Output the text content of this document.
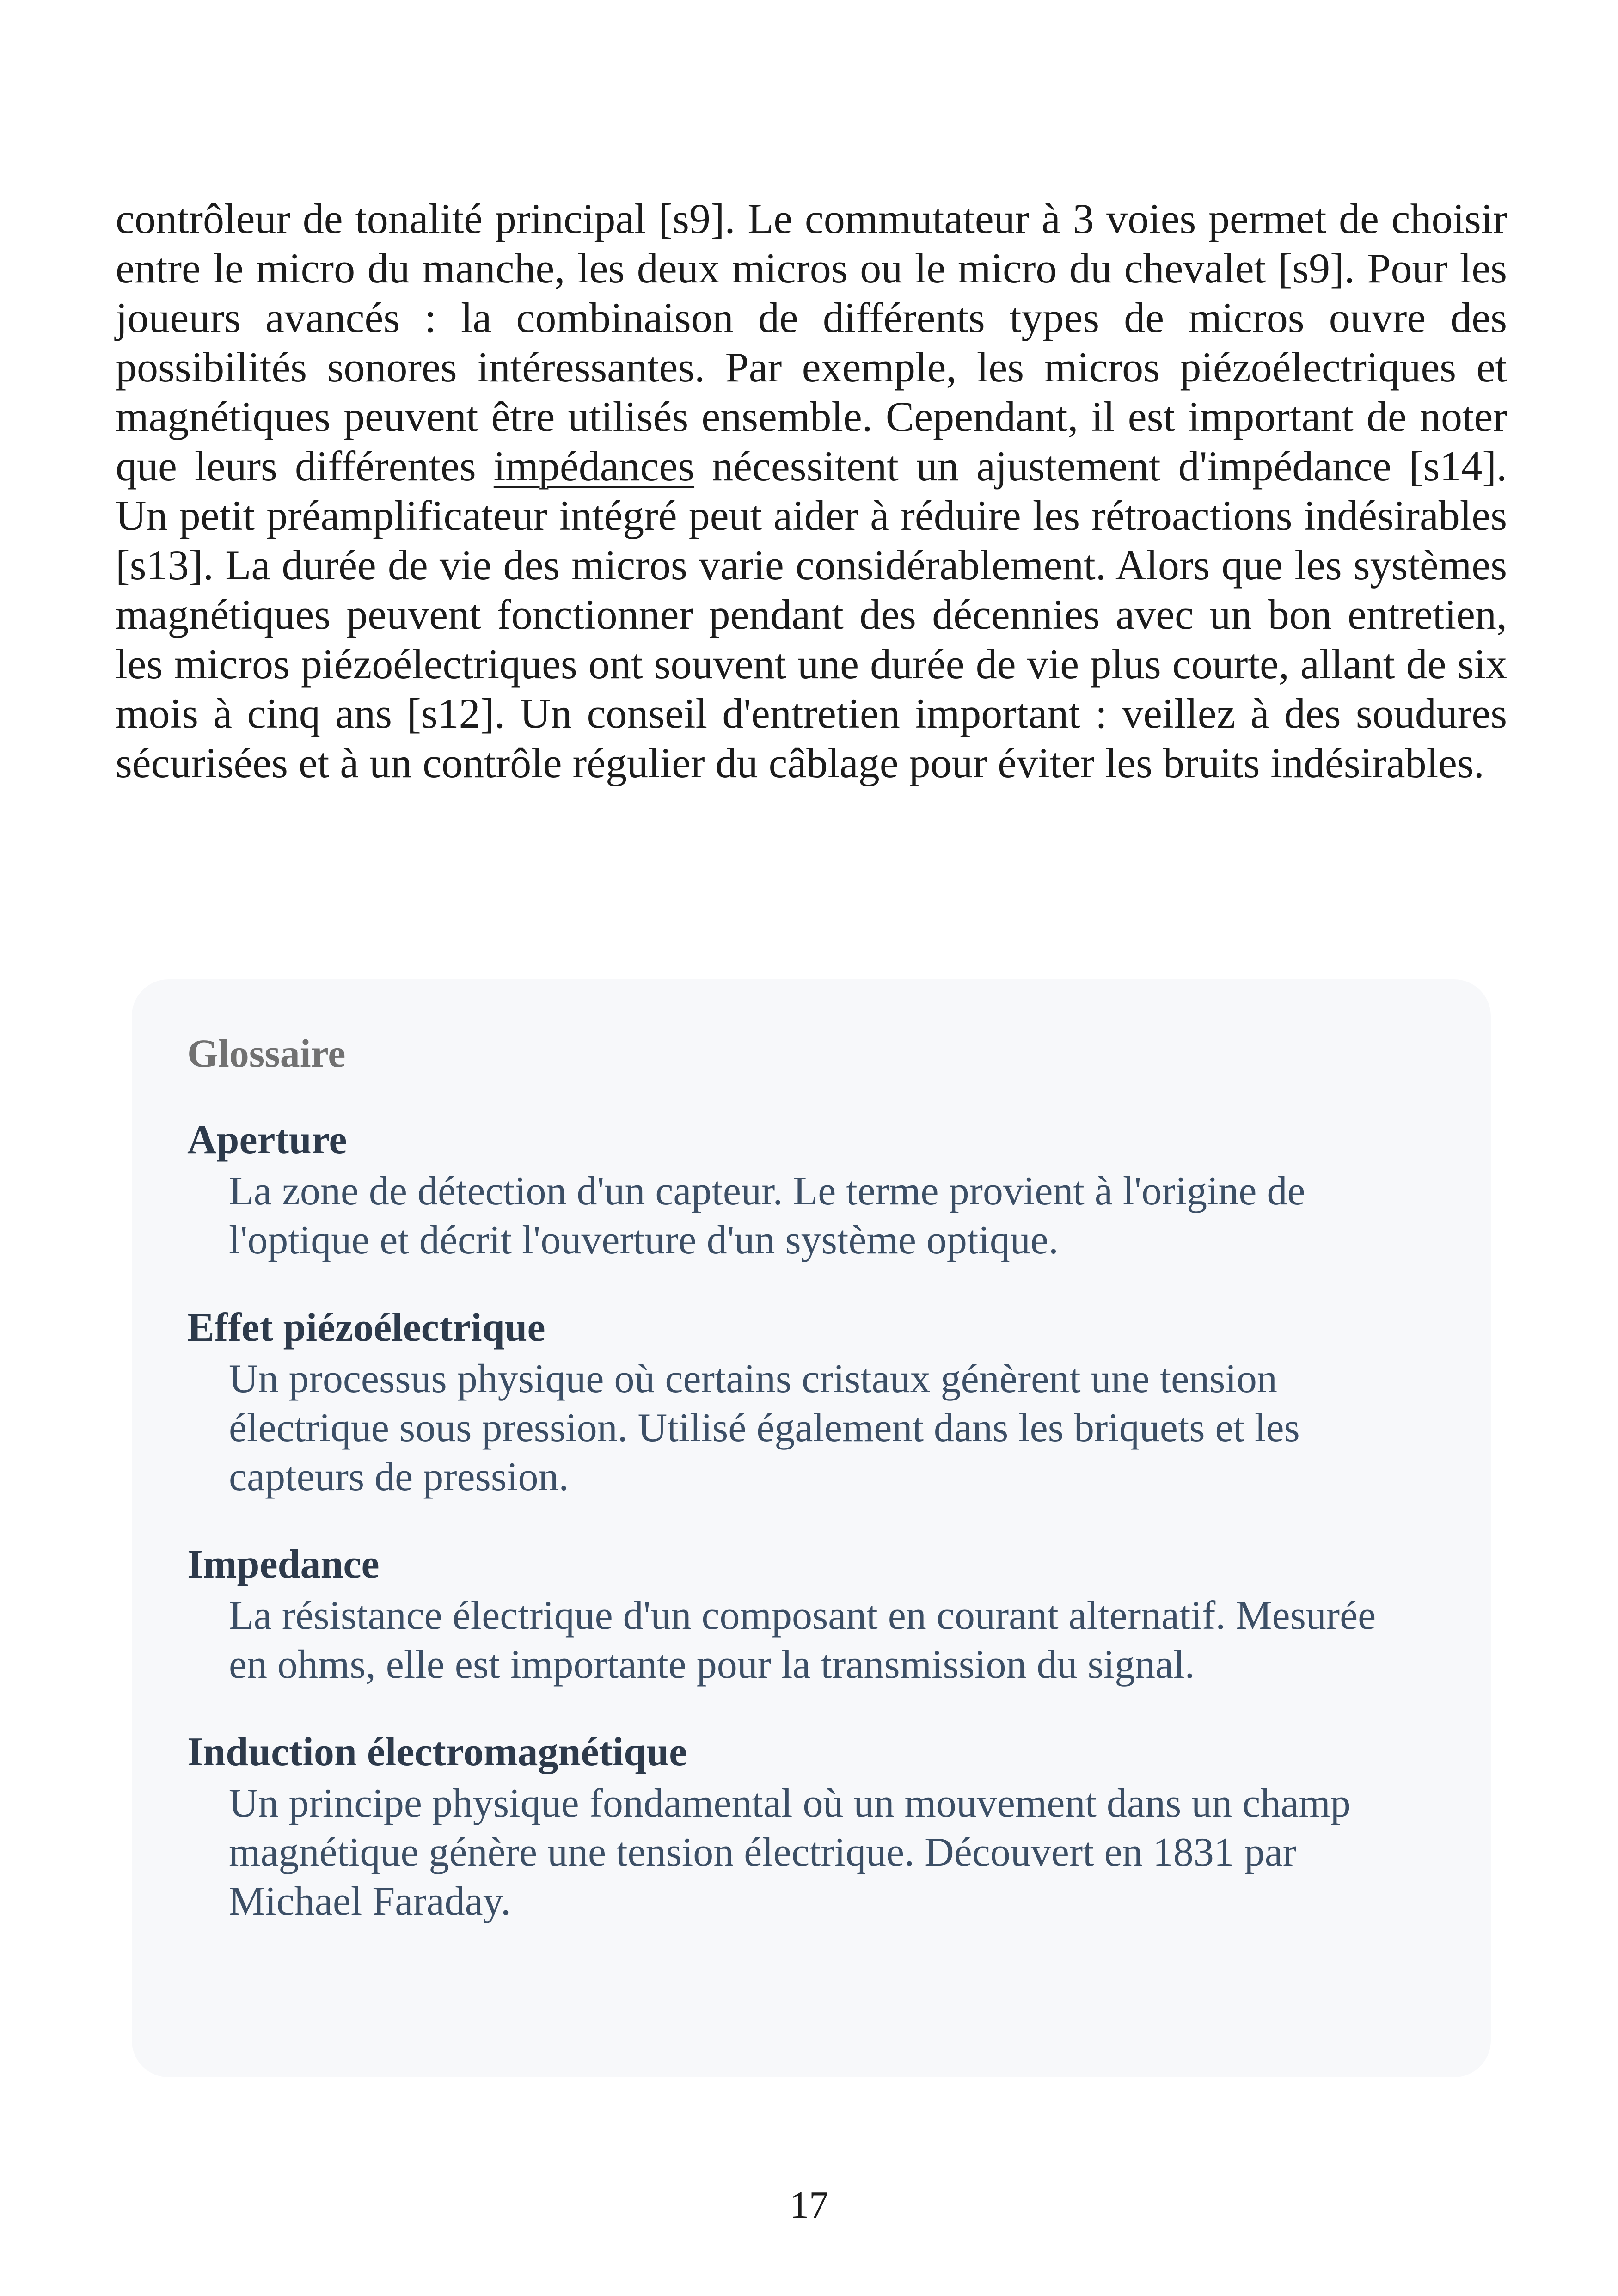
contrôleur de tonalité principal [s9]. Le commutateur à 3 voies permet de choisir entre le micro du manche, les deux micros ou le micro du chevalet [s9]. Pour les joueurs avancés : la combinaison de différents types de micros ouvre des possibilités sonores intéressantes. Par exemple, les micros piézoélectriques et magnétiques peuvent être utilisés ensemble. Cependant, il est important de noter que leurs différentes impédances nécessitent un ajustement d'impédance [s14]. Un petit préamplificateur intégré peut aider à réduire les rétroactions indésirables [s13]. La durée de vie des micros varie considérablement. Alors que les systèmes magnétiques peuvent fonctionner pendant des décennies avec un bon entretien, les micros piézoélectriques ont souvent une durée de vie plus courte, allant de six mois à cinq ans [s12]. Un conseil d'entretien important : veillez à des soudures sécurisées et à un contrôle régulier du câblage pour éviter les bruits indésirables.

Glossaire

Aperture

La zone de détection d'un capteur. Le terme provient à l'origine de l'optique et décrit l'ouverture d'un système optique.

Effet piézoélectrique

Un processus physique où certains cristaux génèrent une tension électrique sous pression. Utilisé également dans les briquets et les capteurs de pression.

Impedance

La résistance électrique d'un composant en courant alternatif. Mesurée en ohms, elle est importante pour la transmission du signal.

Induction électromagnétique

Un principe physique fondamental où un mouvement dans un champ magnétique génère une tension électrique. Découvert en 1831 par Michael Faraday.

17
